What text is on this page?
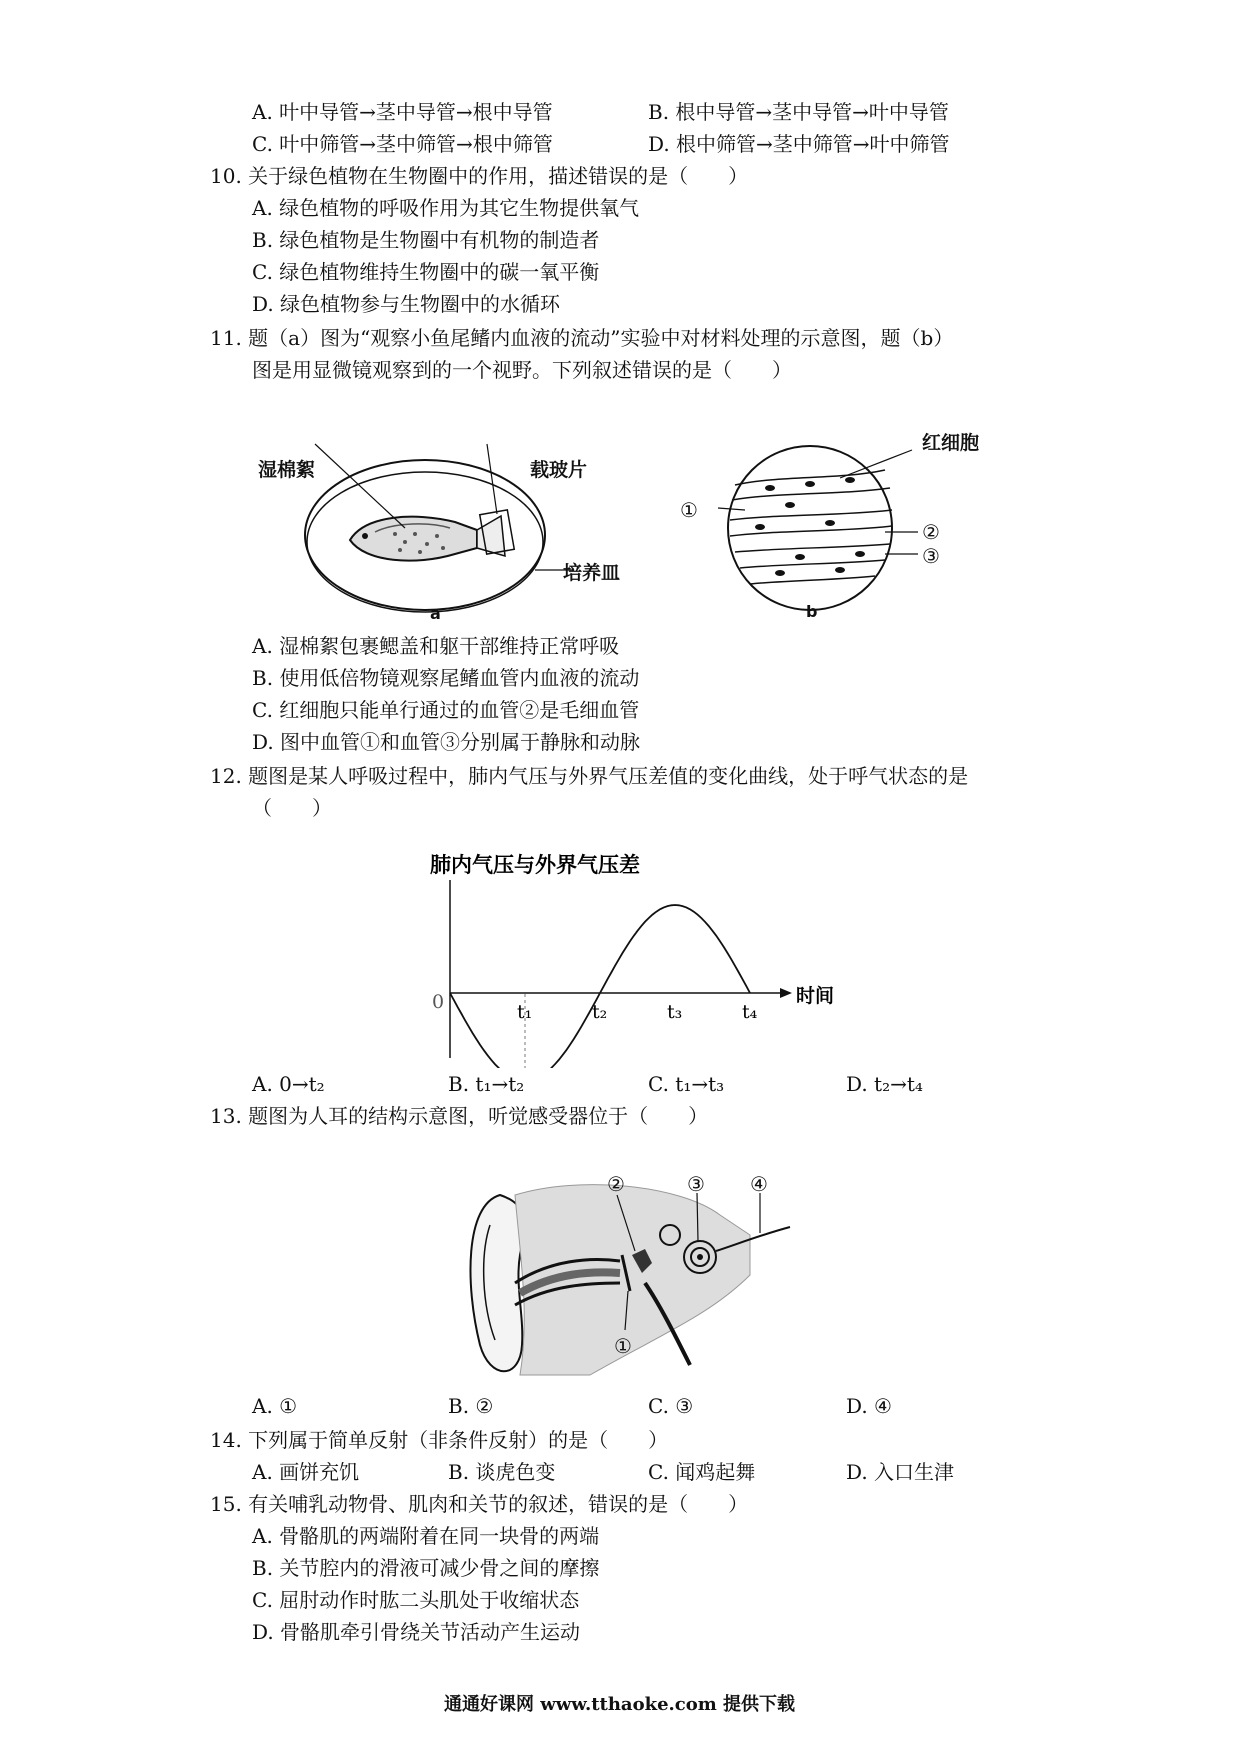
A. 叶中导管→茎中导管→根中导管	B. 根中导管→茎中导管→叶中导管
C. 叶中筛管→茎中筛管→根中筛管	D. 根中筛管→茎中筛管→叶中筛管
10. 关于绿色植物在生物圈中的作用，描述错误的是（　　）
A. 绿色植物的呼吸作用为其它生物提供氧气
B. 绿色植物是生物圈中有机物的制造者
C. 绿色植物维持生物圈中的碳一氧平衡
D. 绿色植物参与生物圈中的水循环
11. 题（a）图为“观察小鱼尾鳍内血液的流动”实验中对材料处理的示意图，题（b）
图是用显微镜观察到的一个视野。下列叙述错误的是（　　）
湿棉絮	载玻片
培养皿
a
红细胞
①
②
③
b
A. 湿棉絮包裹鳃盖和躯干部维持正常呼吸
B. 使用低倍物镜观察尾鳍血管内血液的流动
C. 红细胞只能单行通过的血管②是毛细血管
D. 图中血管①和血管③分别属于静脉和动脉
12. 题图是某人呼吸过程中，肺内气压与外界气压差值的变化曲线，处于呼气状态的是
（　　）
肺内气压与外界气压差
0	时间
t₁	t₂	t₃	t₄
A. 0→t₂	B. t₁→t₂	C. t₁→t₃	D. t₂→t₄
13. 题图为人耳的结构示意图，听觉感受器位于（　　）
②	③ ④
①
A. ①	B. ②	C. ③	D. ④
14. 下列属于简单反射（非条件反射）的是（　　）
A. 画饼充饥	B. 谈虎色变	C. 闻鸡起舞	D. 入口生津
15. 有关哺乳动物骨、肌肉和关节的叙述，错误的是（　　）
A. 骨骼肌的两端附着在同一块骨的两端
B. 关节腔内的滑液可减少骨之间的摩擦
C. 屈肘动作时肱二头肌处于收缩状态
D. 骨骼肌牵引骨绕关节活动产生运动
通通好课网 www.tthaoke.com 提供下载
